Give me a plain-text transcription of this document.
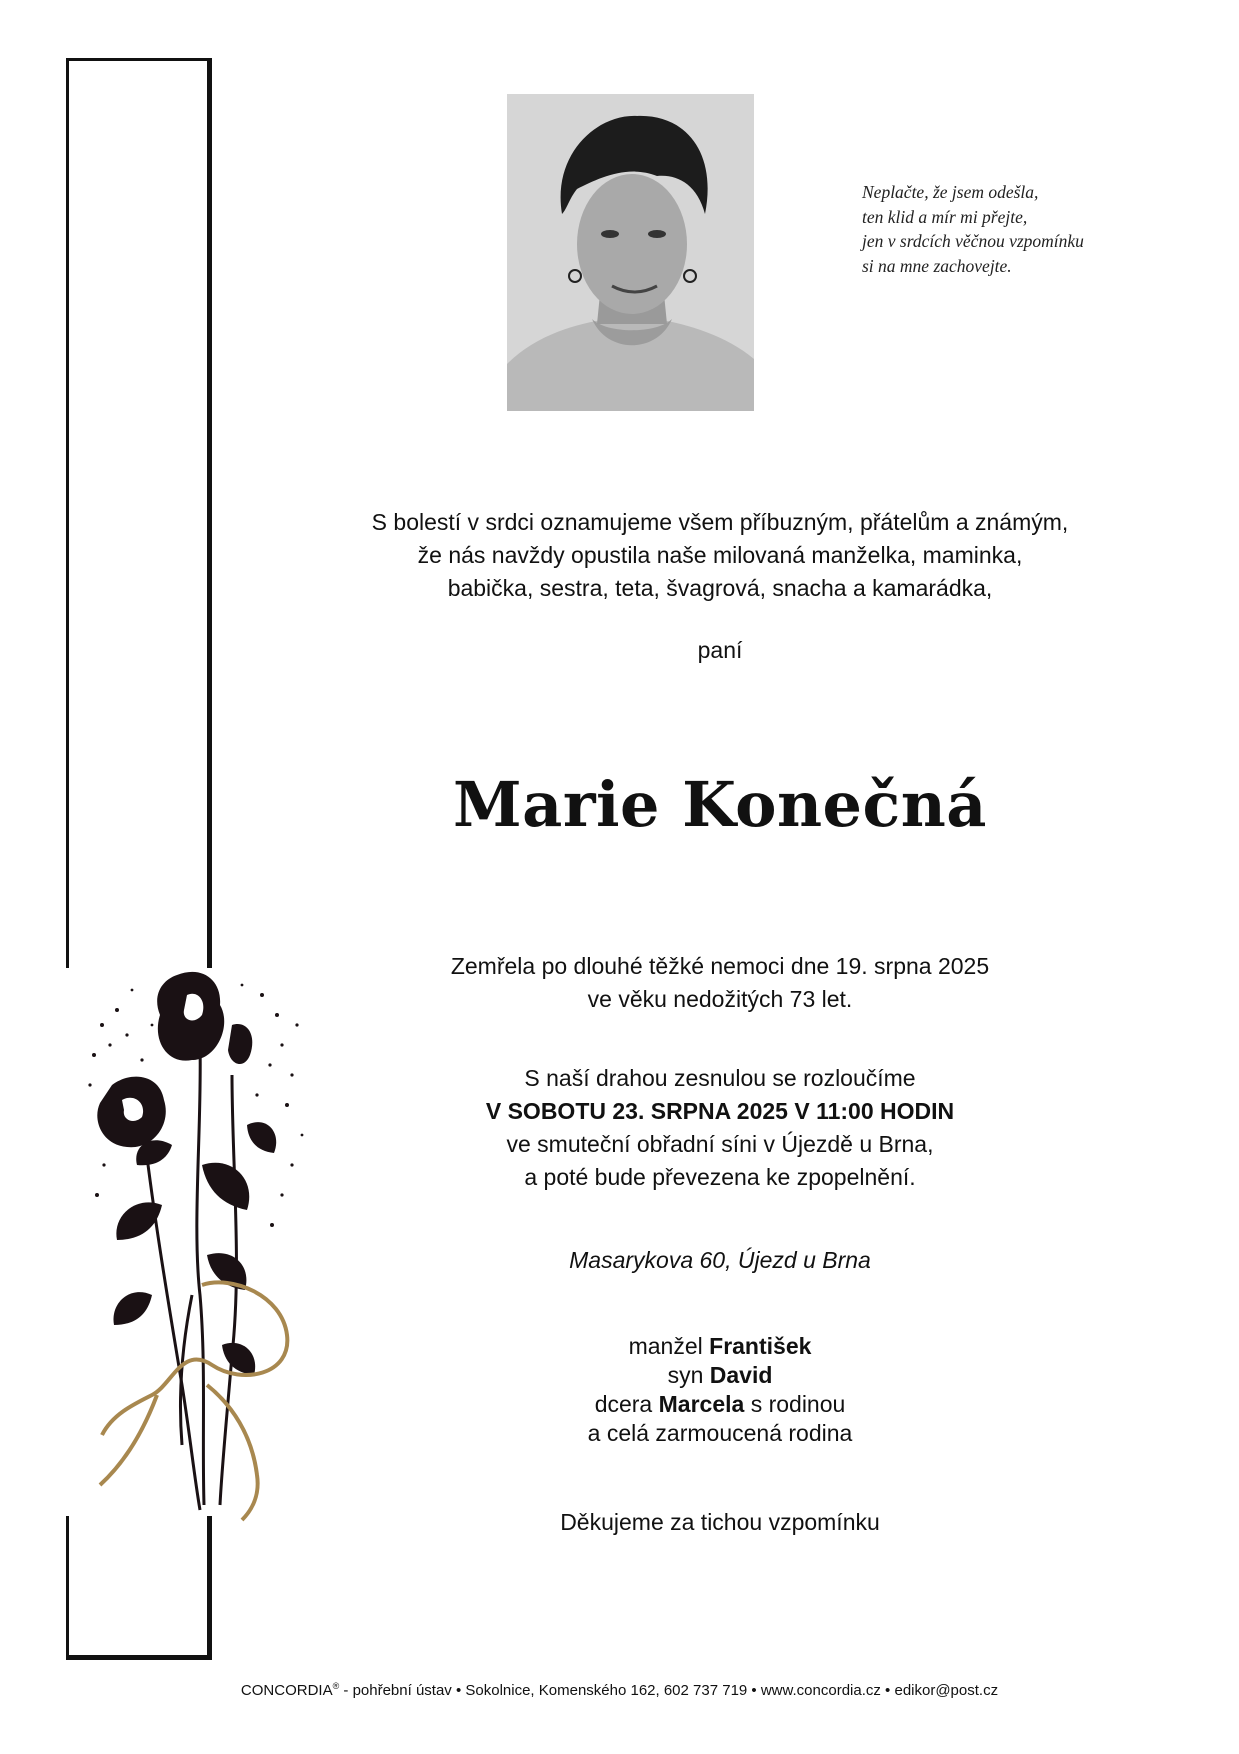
Neplačte, že jsem odešla,
ten klid a mír mi přejte,
jen v srdcích věčnou vzpomínku
si na mne zachovejte.
S bolestí v srdci oznamujeme všem příbuzným, přátelům a známým,
že nás navždy opustila naše milovaná manželka, maminka,
babička, sestra, teta, švagrová, snacha a kamarádka,
paní
Marie Konečná
Zemřela po dlouhé těžké nemoci dne 19. srpna 2025
ve věku nedožitých 73 let.
S naší drahou zesnulou se rozloučíme
V SOBOTU 23. SRPNA 2025 V 11:00 HODIN
ve smuteční obřadní síni v Újezdě u Brna,
a poté bude převezena ke zpopelnění.
Masarykova 60, Újezd u Brna
manžel František
syn David
dcera Marcela s rodinou
a celá zarmoucená rodina
Děkujeme za tichou vzpomínku
CONCORDIA® - pohřební ústav • Sokolnice, Komenského 162, 602 737 719 • www.concordia.cz • edikor@post.cz
